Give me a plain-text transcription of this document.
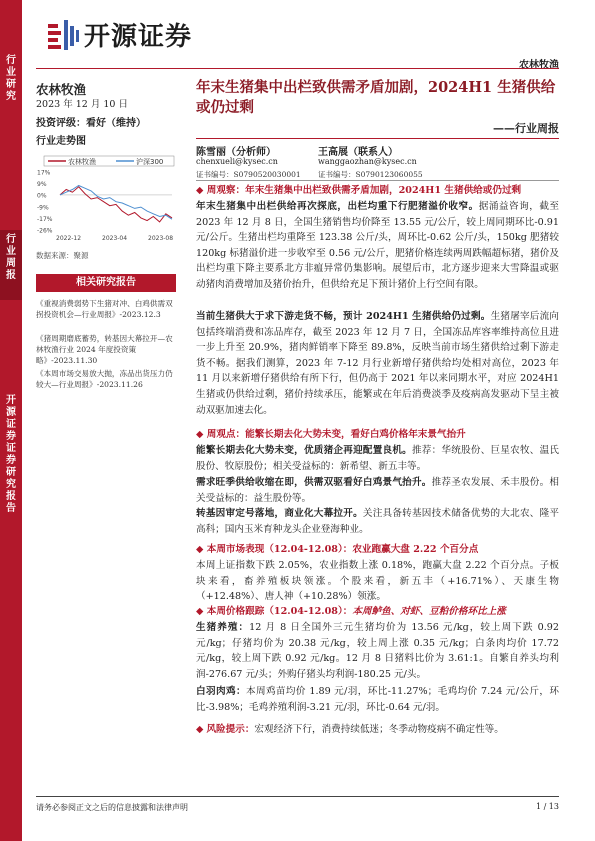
行业研究
行业周报
开源证券 证券研究报告
开源证券
农林牧渔
农林牧渔
2023 年 12 月 10 日
投资评级：看好（维持）
行业走势图
农林牧渔	沪深300
17%
9%
0%
-9%
-17%
-26%
2022-12	2023-04	2023-08
数据来源：聚源
相关研究报告
《重视消费弱势下生猪对冲、白鸡供需双拐投资机会—行业周报》-2023.12.3
《猪周期磨底蓄势，转基因大幕拉开—农林牧渔行业 2024 年度投资策略》-2023.11.30
《本周市场交易放大抛，冻品出货压力仍较大—行业周报》-2023.11.26
年末生猪集中出栏致供需矛盾加剧，2024H1 生猪供给或仍过剩
——行业周报
陈雪丽（分析师）
chenxueli@kysec.cn
证书编号：S0790520030001
王高展（联系人）
wanggaozhan@kysec.cn
证书编号：S0790123060055
◆ 周观察：年末生猪集中出栏致供需矛盾加剧，2024H1 生猪供给或仍过剩
年末生猪集中出栏供给再次探底，出栏均重下行肥猪溢价收窄。据涌益咨询，截至 2023 年 12 月 8 日，全国生猪销售均价降至 13.55 元/公斤，较上周同期环比-0.91 元/公斤。生猪出栏均重降至 123.38 公斤/头，周环比-0.62 公斤/头，150kg 肥猪较 120kg 标猪溢价进一步收窄至 0.56 元/公斤，肥猪价格连续两周跌幅超标猪，猪价及出栏均重下降主要系北方非瘟异常仍集影响。展望后市，北方逐步迎来大雪降温或驱动猪肉消费增加及猪价抬升，但供给充足下预计猪价上行空间有限。
当前生猪供大于求下游走货不畅，预计 2024H1 生猪供给仍过剩。生猪屠宰后流向包括终端消费和冻品库存，截至 2023 年 12 月 7 日，全国冻品库容率维持高位且进一步上升至 20.9%，猪肉鲜销率下降至 89.8%，反映当前市场生猪供给过剩下游走货不畅。据我们测算，2023 年 7-12 月行业新增仔猪供给均处相对高位，2023 年 11 月以来新增仔猪供给有所下行，但仍高于 2021 年以来同期水平，对应 2024H1 生猪或仍供给过剩，猪价持续承压，能繁或在年后消费淡季及疫病高发驱动下呈主被动双驱加速去化。
◆ 周观点：能繁长期去化大势未变，看好白鸡价格年末景气抬升
能繁长期去化大势未变，优质猪企再迎配置良机。推荐：华统股份、巨星农牧、温氏股份、牧原股份；相关受益标的：新希望、新五丰等。
需求旺季供给收缩在即，供需双驱看好白鸡景气抬升。推荐圣农发展、禾丰股份。相关受益标的：益生股份等。
转基因审定号落地，商业化大幕拉开。关注具备转基因技术储备优势的大北农、隆平高科；国内玉米育种龙头企业登海种业。
◆ 本周市场表现（12.04-12.08）：农业跑赢大盘 2.22 个百分点
本周上证指数下跌 2.05%，农业指数上涨 0.18%，跑赢大盘 2.22 个百分点。子板块来看，畜养殖板块领涨。个股来看，新五丰（+16.71%）、天康生物（+12.48%）、唐人神（+10.28%）领涨。
◆ 本周价格跟踪（12.04-12.08）：本周鲈鱼、对虾、豆粕价格环比上涨
生猪养殖：12 月 8 日全国外三元生猪均价为 13.56 元/kg，较上周下跌 0.92 元/kg；仔猪均价为 20.38 元/kg，较上周上涨 0.35 元/kg；白条肉均价 17.72 元/kg，较上周下跌 0.92 元/kg。12 月 8 日猪料比价为 3.61:1。自繁自养头均利润-276.67 元/头；外购仔猪头均利润-180.25 元/头。
白羽肉鸡：本周鸡苗均价 1.89 元/羽，环比-11.27%；毛鸡均价 7.24 元/公斤，环比-3.98%；毛鸡养殖利润-3.21 元/羽，环比-0.64 元/羽。
◆ 风险提示：宏观经济下行，消费持续低迷；冬季动物疫病不确定性等。
请务必参阅正文之后的信息披露和法律声明	1 / 13
